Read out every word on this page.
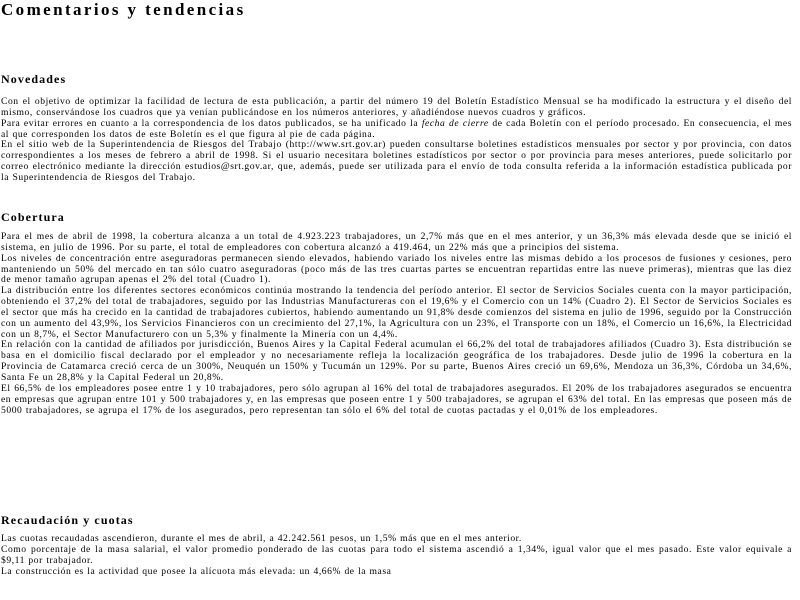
Comentarios y tendencias
Novedades
Con el objetivo de optimizar la facilidad de lectura de esta publicación, a partir del número 19 del Boletín Estadístico Mensual se ha modificado la estructura y el diseño del mismo, conservándose los cuadros que ya venían publicándose en los números anteriores, y añadiéndose nuevos cuadros y gráficos.
Para evitar errores en cuanto a la correspondencia de los datos publicados, se ha unificado la fecha de cierre de cada Boletín con el período procesado. En consecuencia, el mes al que corresponden los datos de este Boletín es el que figura al pie de cada página.
En el sitio web de la Superintendencia de Riesgos del Trabajo (http://www.srt.gov.ar) pueden consultarse boletines estadísticos mensuales por sector y por provincia, con datos correspondientes a los meses de febrero a abril de 1998. Si el usuario necesitara boletines estadísticos por sector o por provincia para meses anteriores, puede solicitarlo por correo electrónico mediante la dirección estudios@srt.gov.ar, que, además, puede ser utilizada para el envío de toda consulta referida a la información estadística publicada por la Superintendencia de Riesgos del Trabajo.
Cobertura
Para el mes de abril de 1998, la cobertura alcanza a un total de 4.923.223 trabajadores, un 2,7% más que en el mes anterior, y un 36,3% más elevada desde que se inició el sistema, en julio de 1996. Por su parte, el total de empleadores con cobertura alcanzó a 419.464, un 22% más que a principios del sistema.
Los niveles de concentración entre aseguradoras permanecen siendo elevados, habiendo variado los niveles entre las mismas debido a los procesos de fusiones y cesiones, pero manteniendo un 50% del mercado en tan sólo cuatro aseguradoras (poco más de las tres cuartas partes se encuentran repartidas entre las nueve primeras), mientras que las diez de menor tamaño agrupan apenas el 2% del total (Cuadro 1).
La distribución entre los diferentes sectores económicos continúa mostrando la tendencia del período anterior. El sector de Servicios Sociales cuenta con la mayor participación, obteniendo el 37,2% del total de trabajadores, seguido por las Industrias Manufactureras con el 19,6% y el Comercio con un 14% (Cuadro 2). El Sector de Servicios Sociales es el sector que más ha crecido en la cantidad de trabajadores cubiertos, habiendo aumentando un 91,8% desde comienzos del sistema en julio de 1996, seguido por la Construcción con un aumento del 43,9%, los Servicios Financieros con un crecimiento del 27,1%, la Agricultura con un 23%, el Transporte con un 18%, el Comercio un 16,6%, la Electricidad con un 8,7%, el Sector Manufacturero con un 5,3% y finalmente la Minería con un 4,4%.
En relación con la cantidad de afiliados por jurisdicción, Buenos Aires y la Capital Federal acumulan el 66,2% del total de trabajadores afiliados (Cuadro 3). Esta distribución se basa en el domicilio fiscal declarado por el empleador y no necesariamente refleja la localización geográfica de los trabajadores. Desde julio de 1996 la cobertura en la Provincia de Catamarca creció cerca de un 300%, Neuquén un 150% y Tucumán un 129%. Por su parte, Buenos Aires creció un 69,6%, Mendoza un 36,3%, Córdoba un 34,6%, Santa Fe un 28,8% y la Capital Federal un 20,8%.
El 66,5% de los empleadores posee entre 1 y 10 trabajadores, pero sólo agrupan al 16% del total de trabajadores asegurados. El 20% de los trabajadores asegurados se encuentra en empresas que agrupan entre 101 y 500 trabajadores y, en las empresas que poseen entre 1 y 500 trabajadores, se agrupan el 63% del total. En las empresas que poseen más de 5000 trabajadores, se agrupa el 17% de los asegurados, pero representan tan sólo el 6% del total de cuotas pactadas y el 0,01% de los empleadores.
Recaudación y cuotas
Las cuotas recaudadas ascendieron, durante el mes de abril, a 42.242.561 pesos, un 1,5% más que en el mes anterior.
Como porcentaje de la masa salarial, el valor promedio ponderado de las cuotas para todo el sistema ascendió a 1,34%, igual valor que el mes pasado. Este valor equivale a $9,11 por trabajador.
La construcción es la actividad que posee la alícuota más elevada: un 4,66% de la masa
